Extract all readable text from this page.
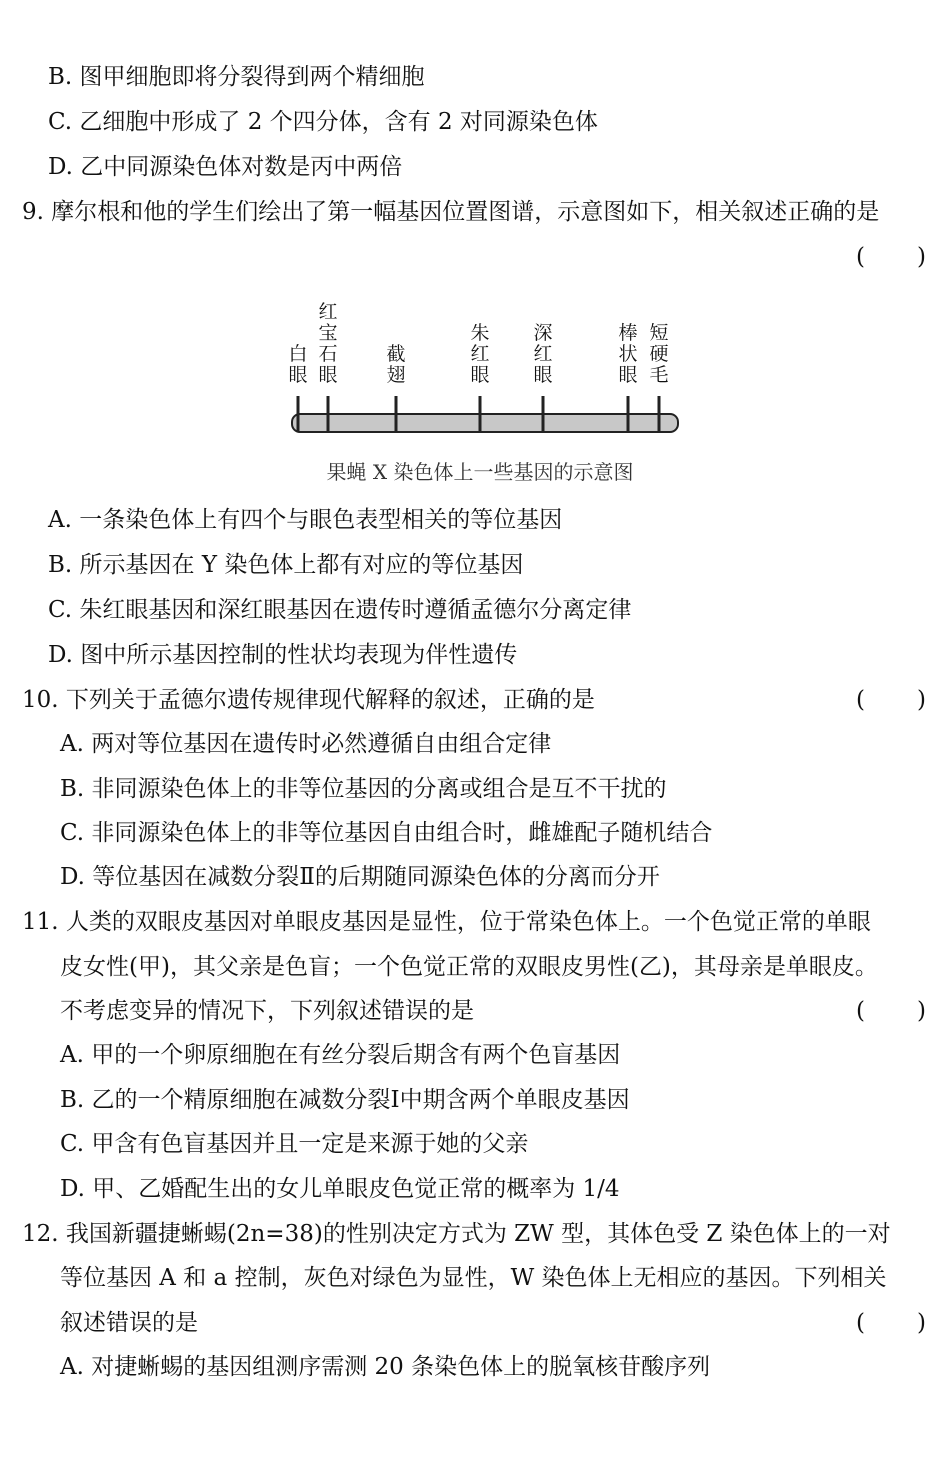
B. 图甲细胞即将分裂得到两个精细胞
C. 乙细胞中形成了 2 个四分体，含有 2 对同源染色体
D. 乙中同源染色体对数是丙中两倍
9. 摩尔根和他的学生们绘出了第一幅基因位置图谱，示意图如下，相关叙述正确的是
(　　)
白眼
红宝石眼
截翅
朱红眼
深红眼
棒状眼
短硬毛
果蝇 X 染色体上一些基因的示意图
A. 一条染色体上有四个与眼色表型相关的等位基因
B. 所示基因在 Y 染色体上都有对应的等位基因
C. 朱红眼基因和深红眼基因在遗传时遵循孟德尔分离定律
D. 图中所示基因控制的性状均表现为伴性遗传
10. 下列关于孟德尔遗传规律现代解释的叙述，正确的是	(　　)
A. 两对等位基因在遗传时必然遵循自由组合定律
B. 非同源染色体上的非等位基因的分离或组合是互不干扰的
C. 非同源染色体上的非等位基因自由组合时，雌雄配子随机结合
D. 等位基因在减数分裂Ⅱ的后期随同源染色体的分离而分开
11. 人类的双眼皮基因对单眼皮基因是显性，位于常染色体上。一个色觉正常的单眼
皮女性(甲)，其父亲是色盲；一个色觉正常的双眼皮男性(乙)，其母亲是单眼皮。
不考虑变异的情况下，下列叙述错误的是	(　　)
A. 甲的一个卵原细胞在有丝分裂后期含有两个色盲基因
B. 乙的一个精原细胞在减数分裂Ⅰ中期含两个单眼皮基因
C. 甲含有色盲基因并且一定是来源于她的父亲
D. 甲、乙婚配生出的女儿单眼皮色觉正常的概率为 1/4
12. 我国新疆捷蜥蜴(2n=38)的性别决定方式为 ZW 型，其体色受 Z 染色体上的一对
等位基因 A 和 a 控制，灰色对绿色为显性，W 染色体上无相应的基因。下列相关
叙述错误的是	(　　)
A. 对捷蜥蜴的基因组测序需测 20 条染色体上的脱氧核苷酸序列
